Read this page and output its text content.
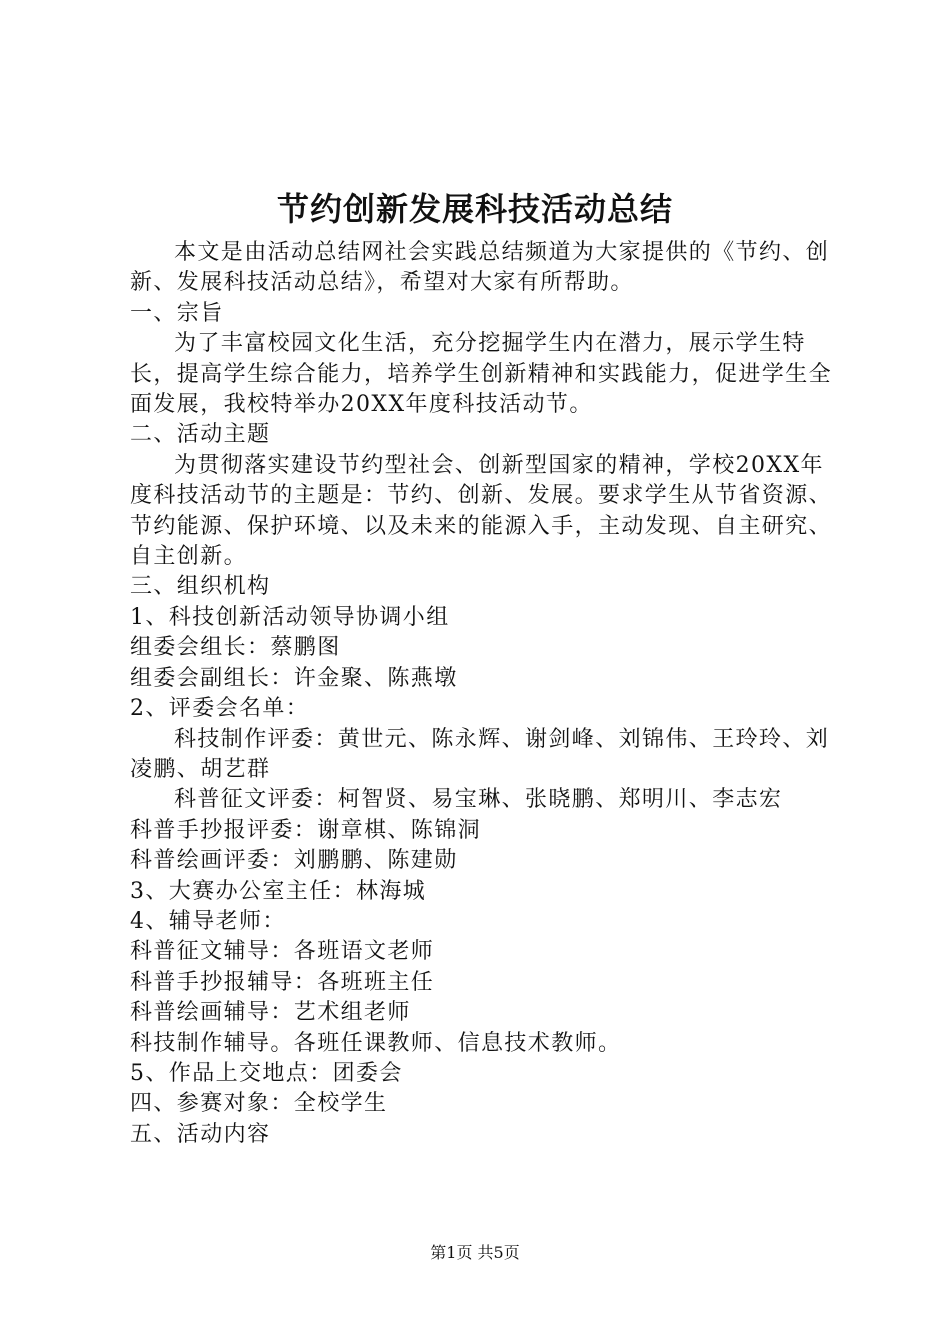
节约创新发展科技活动总结

本文是由活动总结网社会实践总结频道为大家提供的《节约、创新、发展科技活动总结》，希望对大家有所帮助。

一、宗旨

为了丰富校园文化生活，充分挖掘学生内在潜力，展示学生特长，提高学生综合能力，培养学生创新精神和实践能力，促进学生全面发展，我校特举办20XX年度科技活动节。

二、活动主题

为贯彻落实建设节约型社会、创新型国家的精神，学校20XX年度科技活动节的主题是：节约、创新、发展。要求学生从节省资源、节约能源、保护环境、以及未来的能源入手，主动发现、自主研究、自主创新。

三、组织机构

1、科技创新活动领导协调小组

组委会组长：蔡鹏图

组委会副组长：许金聚、陈燕墩

2、评委会名单：

科技制作评委：黄世元、陈永辉、谢剑峰、刘锦伟、王玲玲、刘凌鹏、胡艺群

科普征文评委：柯智贤、易宝琳、张晓鹏、郑明川、李志宏

科普手抄报评委：谢章棋、陈锦洞

科普绘画评委：刘鹏鹏、陈建勋

3、大赛办公室主任：林海城

4、辅导老师：

科普征文辅导：各班语文老师

科普手抄报辅导：各班班主任

科普绘画辅导：艺术组老师

科技制作辅导。各班任课教师、信息技术教师。

5、作品上交地点：团委会

四、参赛对象：全校学生

五、活动内容

第1页 共5页
